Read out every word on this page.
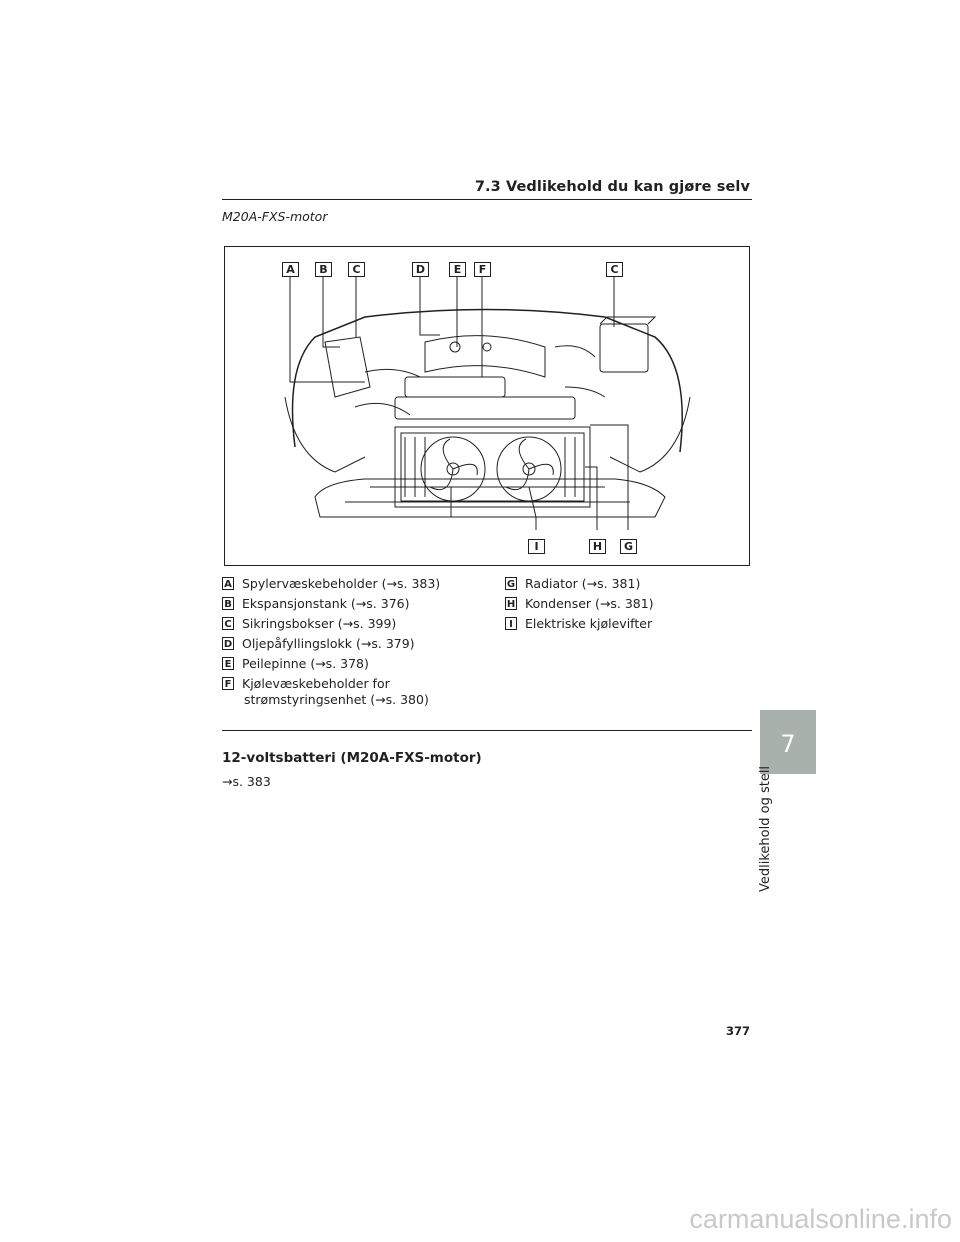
7.3 Vedlikehold du kan gjøre selv
M20A-FXS-motor
A	B	C	D	E	F	C
I	H	G
A Spylervæskebeholder (→s. 383)
B Ekspansjonstank (→s. 376)
C Sikringsbokser (→s. 399)
D Oljepåfyllingslokk (→s. 379)
E Peilepinne (→s. 378)
F Kjølevæskebeholder for
strømstyringsenhet (→s. 380)
G Radiator (→s. 381)
H Kondenser (→s. 381)
I Elektriske kjølevifter
12-voltsbatteri (M20A-FXS-motor)
→s. 383
7
Vedlikehold og stell
377
carmanualsonline.info
